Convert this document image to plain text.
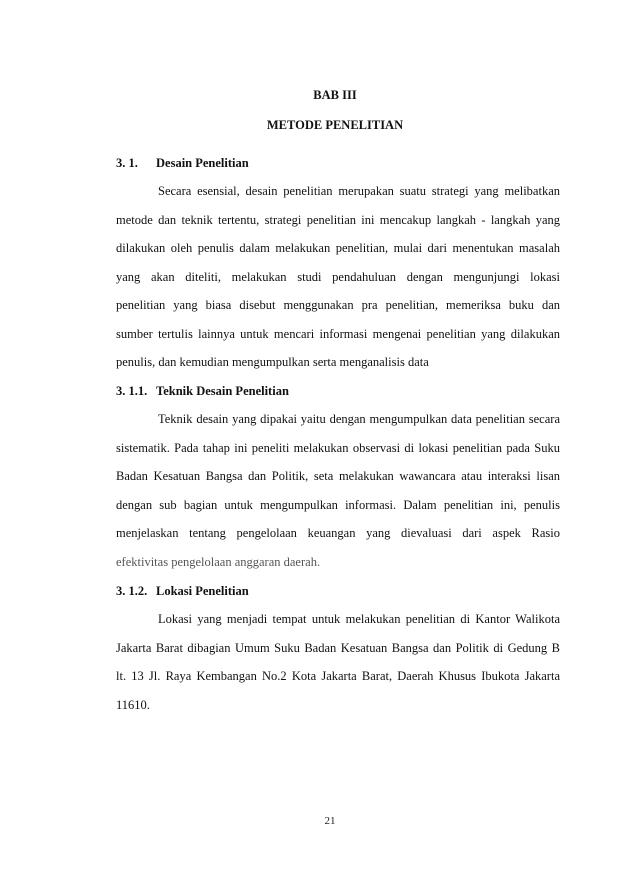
BAB III
METODE PENELITIAN
3. 1. Desain Penelitian
Secara esensial, desain penelitian merupakan suatu strategi yang melibatkan
metode dan teknik tertentu, strategi penelitian ini mencakup langkah - langkah yang
dilakukan oleh penulis dalam melakukan penelitian, mulai dari menentukan masalah
yang akan diteliti, melakukan studi pendahuluan dengan mengunjungi lokasi
penelitian yang biasa disebut menggunakan pra penelitian, memeriksa buku dan
sumber tertulis lainnya untuk mencari informasi mengenai penelitian yang dilakukan
penulis, dan kemudian mengumpulkan serta menganalisis data
3. 1.1. Teknik Desain Penelitian
Teknik desain yang dipakai yaitu dengan mengumpulkan data penelitian secara
sistematik. Pada tahap ini peneliti melakukan observasi di lokasi penelitian pada Suku
Badan Kesatuan Bangsa dan Politik, seta melakukan wawancara atau interaksi lisan
dengan sub bagian untuk mengumpulkan informasi. Dalam penelitian ini, penulis
menjelaskan tentang pengelolaan keuangan yang dievaluasi dari aspek Rasio
efektivitas pengelolaan anggaran daerah.
3. 1.2. Lokasi Penelitian
Lokasi yang menjadi tempat untuk melakukan penelitian di Kantor Walikota
Jakarta Barat dibagian Umum Suku Badan Kesatuan Bangsa dan Politik di Gedung B
lt. 13 Jl. Raya Kembangan No.2 Kota Jakarta Barat, Daerah Khusus Ibukota Jakarta
11610.
21
